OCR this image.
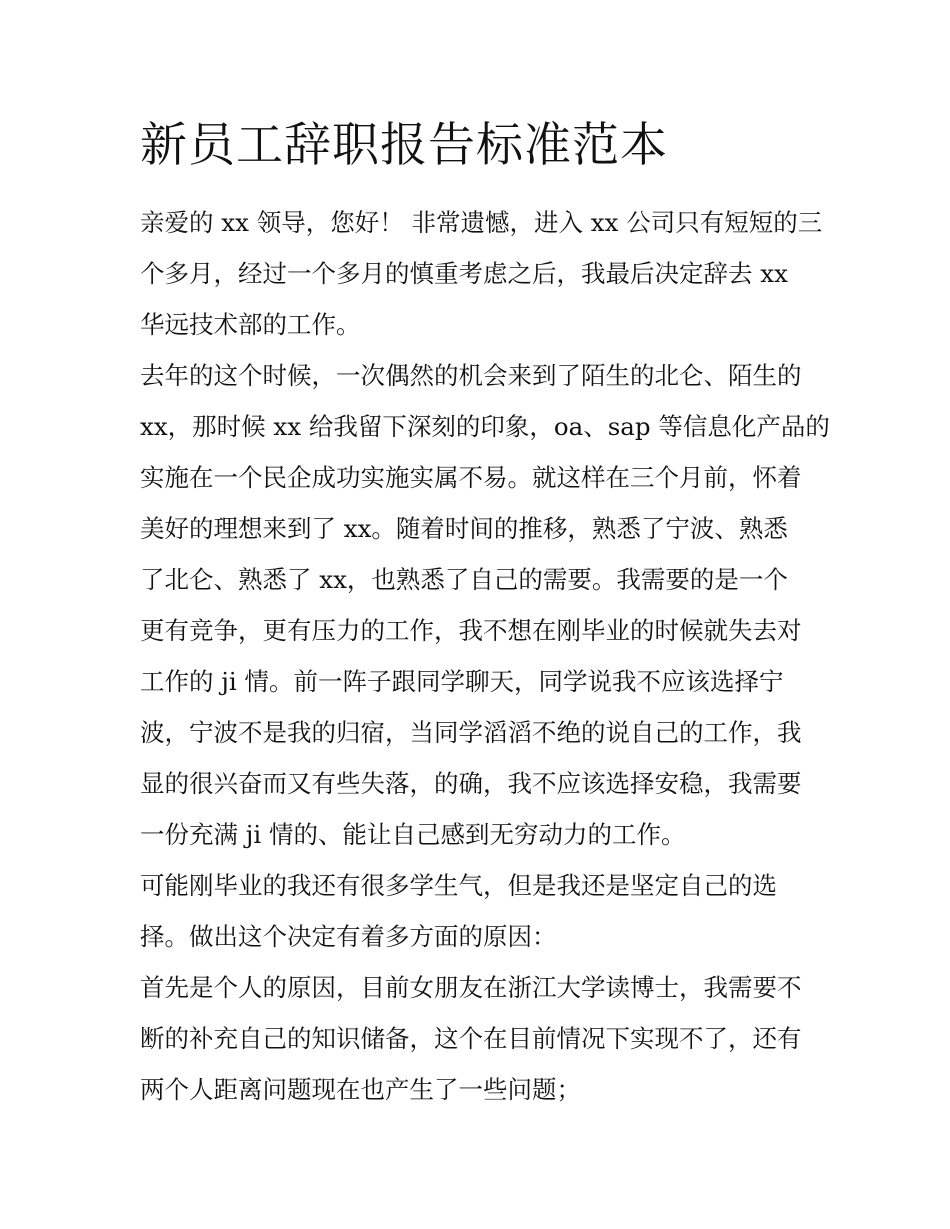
新员工辞职报告标准范本

亲爱的 xx 领导，您好！ 非常遗憾，进入 xx 公司只有短短的三

个多月，经过一个多月的慎重考虑之后，我最后决定辞去 xx

华远技术部的工作。

去年的这个时候，一次偶然的机会来到了陌生的北仑、陌生的

xx，那时候 xx 给我留下深刻的印象，oa、sap 等信息化产品的

实施在一个民企成功实施实属不易。就这样在三个月前，怀着

美好的理想来到了 xx。随着时间的推移，熟悉了宁波、熟悉

了北仑、熟悉了 xx，也熟悉了自己的需要。我需要的是一个

更有竞争，更有压力的工作，我不想在刚毕业的时候就失去对

工作的 ji 情。前一阵子跟同学聊天，同学说我不应该选择宁

波，宁波不是我的归宿，当同学滔滔不绝的说自己的工作，我

显的很兴奋而又有些失落，的确，我不应该选择安稳，我需要

一份充满 ji 情的、能让自己感到无穷动力的工作。

可能刚毕业的我还有很多学生气，但是我还是坚定自己的选

择。做出这个决定有着多方面的原因：

首先是个人的原因，目前女朋友在浙江大学读博士，我需要不

断的补充自己的知识储备，这个在目前情况下实现不了，还有

两个人距离问题现在也产生了一些问题；
